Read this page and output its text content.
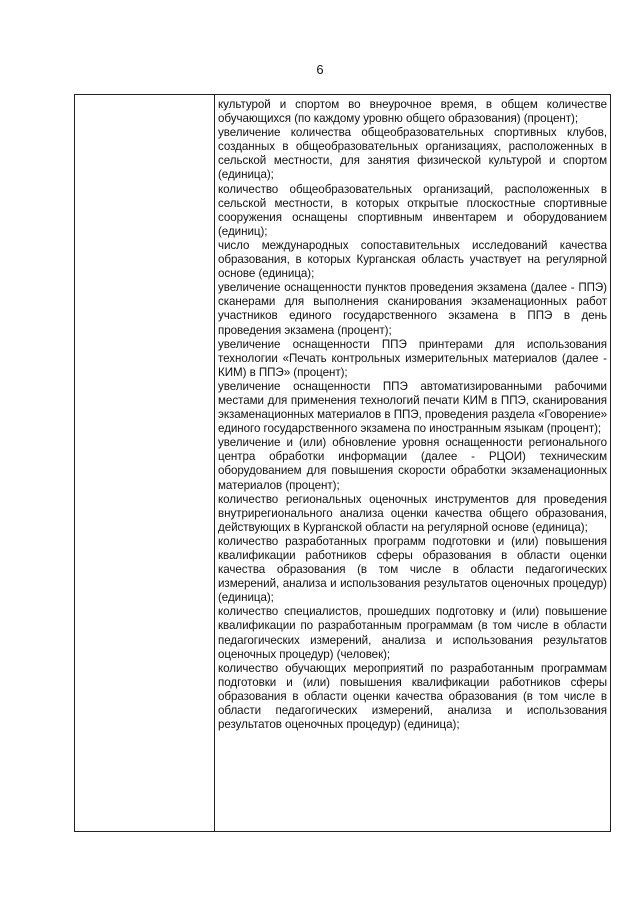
6

культурой и спортом во внеурочное время, в общем количестве обучающихся (по каждому уровню общего образования) (процент);

увеличение количества общеобразовательных спортивных клубов, созданных в общеобразовательных организациях, расположенных в сельской местности, для занятия физической культурой и спортом (единица);

количество общеобразовательных организаций, расположенных в сельской местности, в которых открытые плоскостные спортивные сооружения оснащены спортивным инвентарем и оборудованием (единиц);

число международных сопоставительных исследований качества образования, в которых Курганская область участвует на регулярной основе (единица);

увеличение оснащенности пунктов проведения экзамена (далее - ППЭ) сканерами для выполнения сканирования экзаменационных работ участников единого государственного экзамена в ППЭ в день проведения экзамена (процент);

увеличение оснащенности ППЭ принтерами для использования технологии «Печать контрольных измерительных материалов (далее - КИМ) в ППЭ» (процент);

увеличение оснащенности ППЭ автоматизированными рабочими местами для применения технологий печати КИМ в ППЭ, сканирования экзаменационных материалов в ППЭ, проведения раздела «Говорение» единого государственного экзамена по иностранным языкам (процент);

увеличение и (или) обновление уровня оснащенности регионального центра обработки информации (далее - РЦОИ) техническим оборудованием для повышения скорости обработки экзаменационных материалов (процент);

количество региональных оценочных инструментов для проведения внутрирегионального анализа оценки качества общего образования, действующих в Курганской области на регулярной основе (единица);

количество разработанных программ подготовки и (или) повышения квалификации работников сферы образования в области оценки качества образования (в том числе в области педагогических измерений, анализа и использования результатов оценочных процедур) (единица);

количество специалистов, прошедших подготовку и (или) повышение квалификации по разработанным программам (в том числе в области педагогических измерений, анализа и использования результатов оценочных процедур) (человек);

количество обучающих мероприятий по разработанным программам подготовки и (или) повышения квалификации работников сферы образования в области оценки качества образования (в том числе в области педагогических измерений, анализа и использования результатов оценочных процедур) (единица);
